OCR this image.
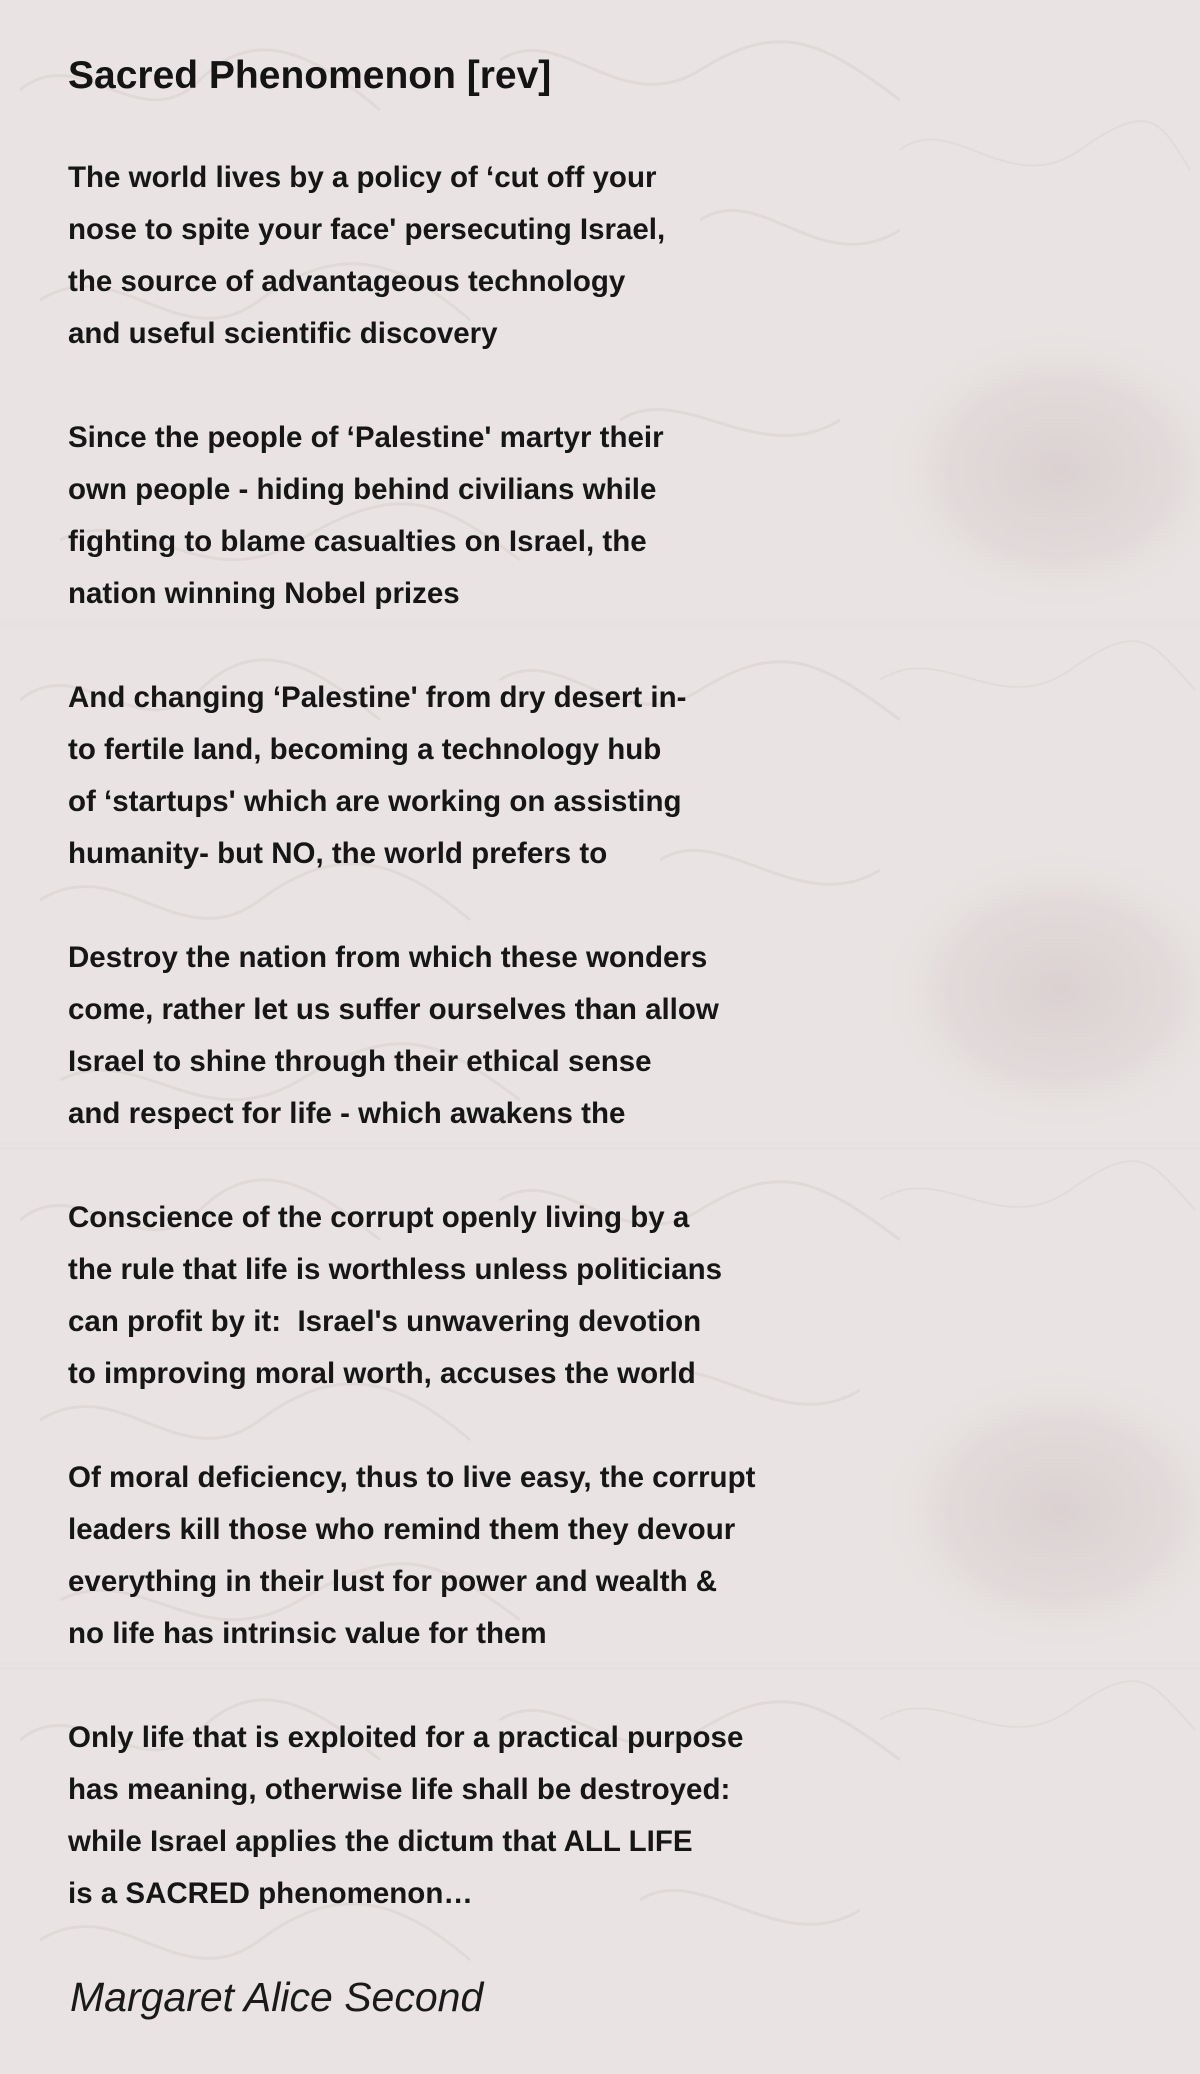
Sacred Phenomenon [rev]
The world lives by a policy of ‘cut off your
nose to spite your face' persecuting Israel,
the source of advantageous technology
and useful scientific discovery
Since the people of ‘Palestine' martyr their
own people - hiding behind civilians while
fighting to blame casualties on Israel, the
nation winning Nobel prizes
And changing ‘Palestine' from dry desert in-
to fertile land, becoming a technology hub
of ‘startups' which are working on assisting
humanity- but NO, the world prefers to
Destroy the nation from which these wonders
come, rather let us suffer ourselves than allow
Israel to shine through their ethical sense
and respect for life - which awakens the
Conscience of the corrupt openly living by a
the rule that life is worthless unless politicians
can profit by it:  Israel's unwavering devotion
to improving moral worth, accuses the world
Of moral deficiency, thus to live easy, the corrupt
leaders kill those who remind them they devour
everything in their lust for power and wealth &
no life has intrinsic value for them
Only life that is exploited for a practical purpose
has meaning, otherwise life shall be destroyed:
while Israel applies the dictum that ALL LIFE
is a SACRED phenomenon…

Margaret Alice Second
